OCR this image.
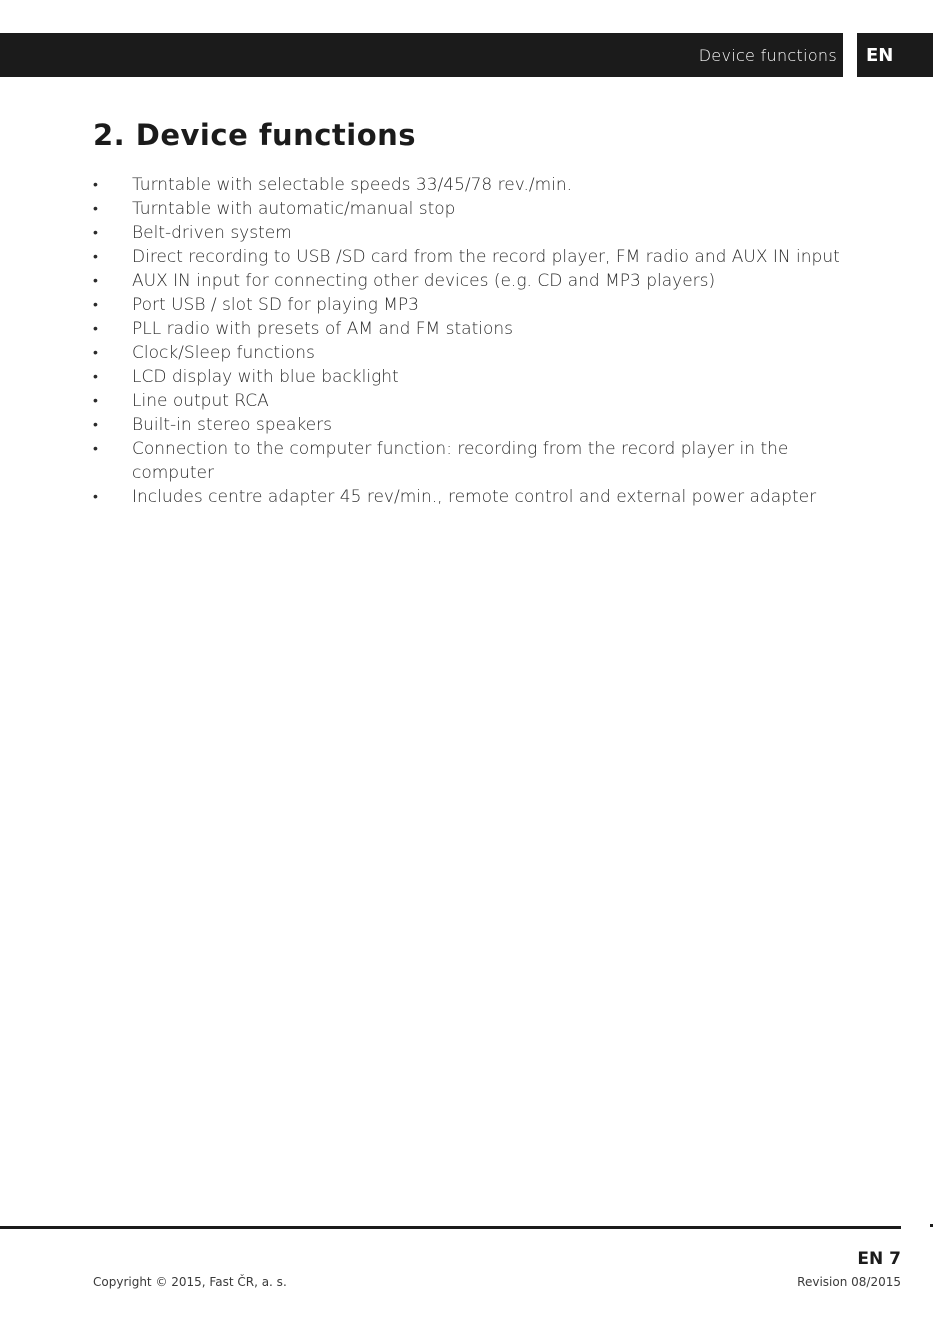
Device functions EN
2. Device functions
• Turntable with selectable speeds 33/45/78 rev./min.
• Turntable with automatic/manual stop
• Belt-driven system
• Direct recording to USB /SD card from the record player, FM radio and AUX IN input
• AUX IN input for connecting other devices (e.g. CD and MP3 players)
• Port USB / slot SD for playing MP3
• PLL radio with presets of AM and FM stations
• Clock/Sleep functions
• LCD display with blue backlight
• Line output RCA
• Built-in stereo speakers
• Connection to the computer function: recording from the record player in the computer
• Includes centre adapter 45 rev/min., remote control and external power adapter
EN 7
Copyright © 2015, Fast ČR, a. s.	Revision 08/2015
